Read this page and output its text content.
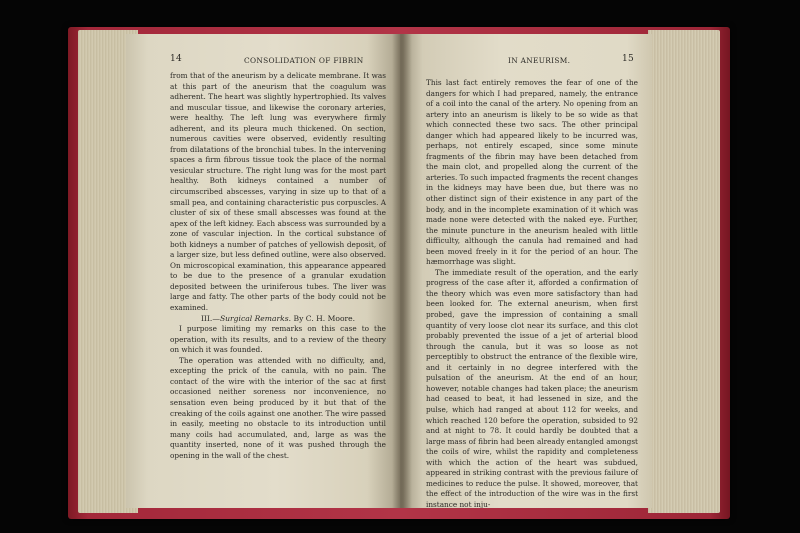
14	CONSOLIDATION OF FIBRIN

from that of the aneurism by a delicate membrane. It was at this part of the aneurism that the coagulum was adherent. The heart was slightly hypertrophied. Its valves and muscular tissue, and likewise the coronary arteries, were healthy. The left lung was everywhere firmly adherent, and its pleura much thickened. On section, numerous cavities were observed, evidently resulting from dilatations of the bronchial tubes. In the intervening spaces a firm fibrous tissue took the place of the normal vesicular structure. The right lung was for the most part healthy. Both kidneys contained a number of circumscribed abscesses, varying in size up to that of a small pea, and containing characteristic pus corpuscles. A cluster of six of these small abscesses was found at the apex of the left kidney. Each abscess was surrounded by a zone of vascular injection. In the cortical substance of both kidneys a number of patches of yellowish deposit, of a larger size, but less defined outline, were also observed. On microscopical examination, this appearance appeared to be due to the presence of a granular exudation deposited between the uriniferous tubes. The liver was large and fatty. The other parts of the body could not be examined.

III.—Surgical Remarks. By C. H. Moore.

I purpose limiting my remarks on this case to the operation, with its results, and to a review of the theory on which it was founded.

The operation was attended with no difficulty, and, excepting the prick of the canula, with no pain. The contact of the wire with the interior of the sac at first occasioned neither soreness nor inconvenience, no sensation even being produced by it but that of the creaking of the coils against one another. The wire passed in easily, meeting no obstacle to its introduction until many coils had accumulated, and, large as was the quantity inserted, none of it was pushed through the opening in the wall of the chest.

IN ANEURISM.	15

This last fact entirely removes the fear of one of the dangers for which I had prepared, namely, the entrance of a coil into the canal of the artery. No opening from an artery into an aneurism is likely to be so wide as that which connected these two sacs. The other principal danger which had appeared likely to be incurred was, perhaps, not entirely escaped, since some minute fragments of the fibrin may have been detached from the main clot, and propelled along the current of the arteries. To such impacted fragments the recent changes in the kidneys may have been due, but there was no other distinct sign of their existence in any part of the body, and in the incomplete examination of it which was made none were detected with the naked eye. Further, the minute puncture in the aneurism healed with little difficulty, although the canula had remained and had been moved freely in it for the period of an hour. The hæmorrhage was slight.

The immediate result of the operation, and the early progress of the case after it, afforded a confirmation of the theory which was even more satisfactory than had been looked for. The external aneurism, when first probed, gave the impression of containing a small quantity of very loose clot near its surface, and this clot probably prevented the issue of a jet of arterial blood through the canula, but it was so loose as not perceptibly to obstruct the entrance of the flexible wire, and it certainly in no degree interfered with the pulsation of the aneurism. At the end of an hour, however, notable changes had taken place; the aneurism had ceased to beat, it had lessened in size, and the pulse, which had ranged at about 112 for weeks, and which reached 120 before the operation, subsided to 92 and at night to 78. It could hardly be doubted that a large mass of fibrin had been already entangled amongst the coils of wire, whilst the rapidity and completeness with which the action of the heart was subdued, appeared in striking contrast with the previous failure of medicines to reduce the pulse. It showed, moreover, that the effect of the introduction of the wire was in the first instance not inju-
